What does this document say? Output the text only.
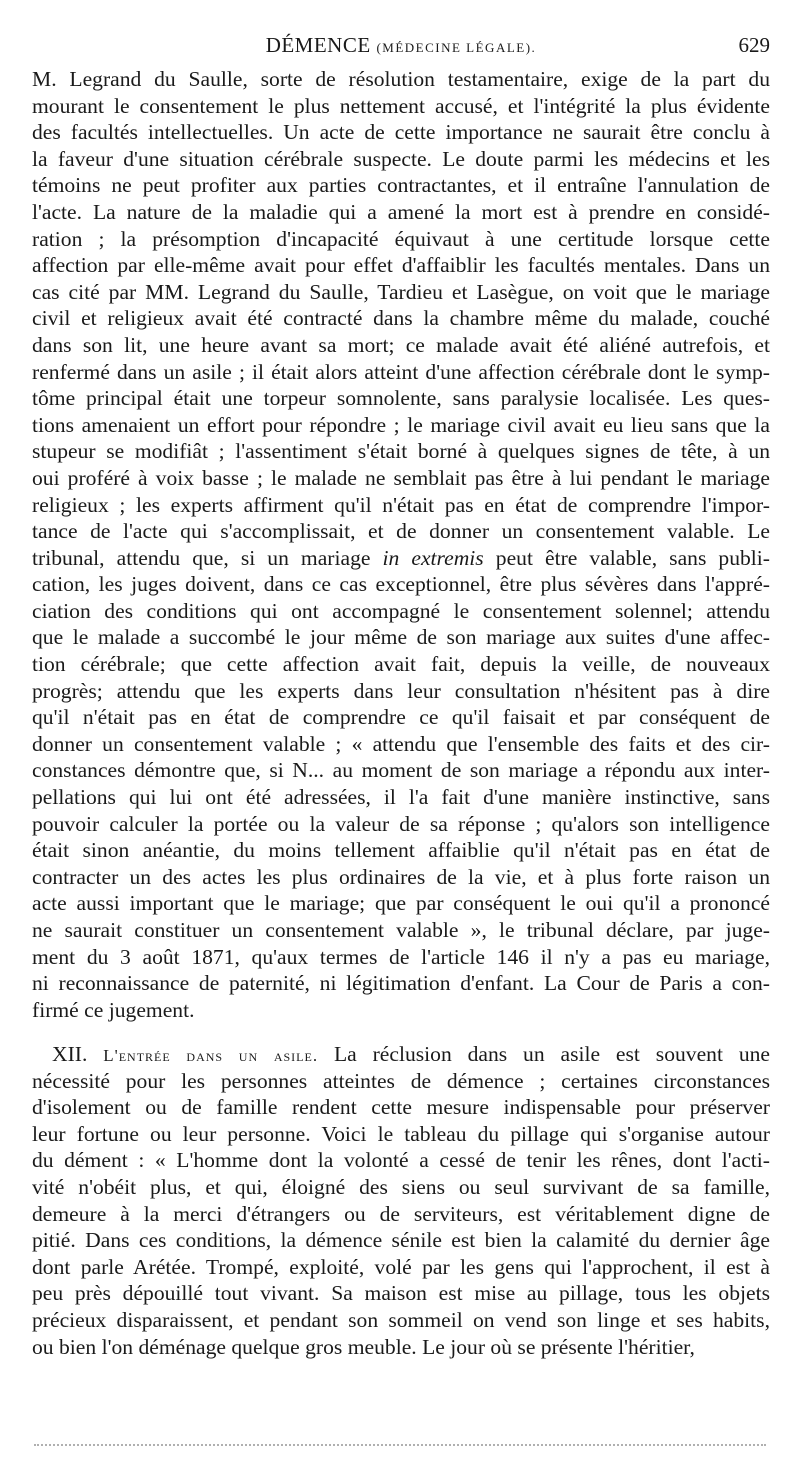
DÉMENCE (MÉDECINE LÉGALE).	629
M. Legrand du Saulle, sorte de résolution testamentaire, exige de la part du
mourant le consentement le plus nettement accusé, et l'intégrité la plus évidente
des facultés intellectuelles. Un acte de cette importance ne saurait être conclu à
la faveur d'une situation cérébrale suspecte. Le doute parmi les médecins et les
témoins ne peut profiter aux parties contractantes, et il entraîne l'annulation de
l'acte. La nature de la maladie qui a amené la mort est à prendre en considé-
ration ; la présomption d'incapacité équivaut à une certitude lorsque cette
affection par elle-même avait pour effet d'affaiblir les facultés mentales. Dans un
cas cité par MM. Legrand du Saulle, Tardieu et Lasègue, on voit que le mariage
civil et religieux avait été contracté dans la chambre même du malade, couché
dans son lit, une heure avant sa mort; ce malade avait été aliéné autrefois, et
renfermé dans un asile ; il était alors atteint d'une affection cérébrale dont le symp-
tôme principal était une torpeur somnolente, sans paralysie localisée. Les ques-
tions amenaient un effort pour répondre ; le mariage civil avait eu lieu sans que la
stupeur se modifiât ; l'assentiment s'était borné à quelques signes de tête, à un
oui proféré à voix basse ; le malade ne semblait pas être à lui pendant le mariage
religieux ; les experts affirment qu'il n'était pas en état de comprendre l'impor-
tance de l'acte qui s'accomplissait, et de donner un consentement valable. Le
tribunal, attendu que, si un mariage in extremis peut être valable, sans publi-
cation, les juges doivent, dans ce cas exceptionnel, être plus sévères dans l'appré-
ciation des conditions qui ont accompagné le consentement solennel; attendu
que le malade a succombé le jour même de son mariage aux suites d'une affec-
tion cérébrale; que cette affection avait fait, depuis la veille, de nouveaux
progrès; attendu que les experts dans leur consultation n'hésitent pas à dire
qu'il n'était pas en état de comprendre ce qu'il faisait et par conséquent de
donner un consentement valable ; « attendu que l'ensemble des faits et des cir-
constances démontre que, si N... au moment de son mariage a répondu aux inter-
pellations qui lui ont été adressées, il l'a fait d'une manière instinctive, sans
pouvoir calculer la portée ou la valeur de sa réponse ; qu'alors son intelligence
était sinon anéantie, du moins tellement affaiblie qu'il n'était pas en état de
contracter un des actes les plus ordinaires de la vie, et à plus forte raison un
acte aussi important que le mariage; que par conséquent le oui qu'il a prononcé
ne saurait constituer un consentement valable », le tribunal déclare, par juge-
ment du 3 août 1871, qu'aux termes de l'article 146 il n'y a pas eu mariage,
ni reconnaissance de paternité, ni légitimation d'enfant. La Cour de Paris a con-
firmé ce jugement.
XII. L'entrée dans un asile. La réclusion dans un asile est souvent une
nécessité pour les personnes atteintes de démence ; certaines circonstances
d'isolement ou de famille rendent cette mesure indispensable pour préserver
leur fortune ou leur personne. Voici le tableau du pillage qui s'organise autour
du dément : « L'homme dont la volonté a cessé de tenir les rênes, dont l'acti-
vité n'obéit plus, et qui, éloigné des siens ou seul survivant de sa famille,
demeure à la merci d'étrangers ou de serviteurs, est véritablement digne de
pitié. Dans ces conditions, la démence sénile est bien la calamité du dernier âge
dont parle Arétée. Trompé, exploité, volé par les gens qui l'approchent, il est à
peu près dépouillé tout vivant. Sa maison est mise au pillage, tous les objets
précieux disparaissent, et pendant son sommeil on vend son linge et ses habits,
ou bien l'on déménage quelque gros meuble. Le jour où se présente l'héritier,
